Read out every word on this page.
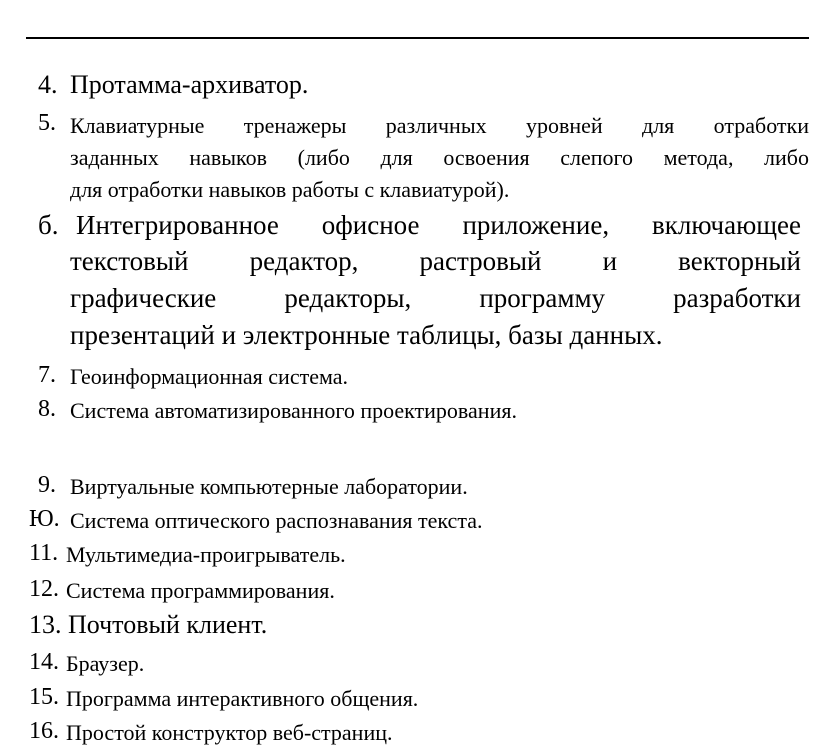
4. Протамма-архиватор.
5. Клавиатурные тренажеры различных уровней для отработки
заданных навыков (либо для освоения слепого метода, либо
для отработки навыков работы с клавиатурой).
б. Интегрированное офисное приложение, включающее
текстовый редактор, растровый и векторный
графические редакторы, программу разработки
презентаций и электронные таблицы, базы данных.
7. Геоинформационная система.
8. Система автоматизированного проектирования.
9. Виртуальные компьютерные лаборатории.
Ю. Система оптического распознавания текста.
11. Мультимедиа-проигрыватель.
12. Система программирования.
13. Почтовый клиент.
14. Браузер.
15. Программа интерактивного общения.
16. Простой конструктор веб-страниц.
